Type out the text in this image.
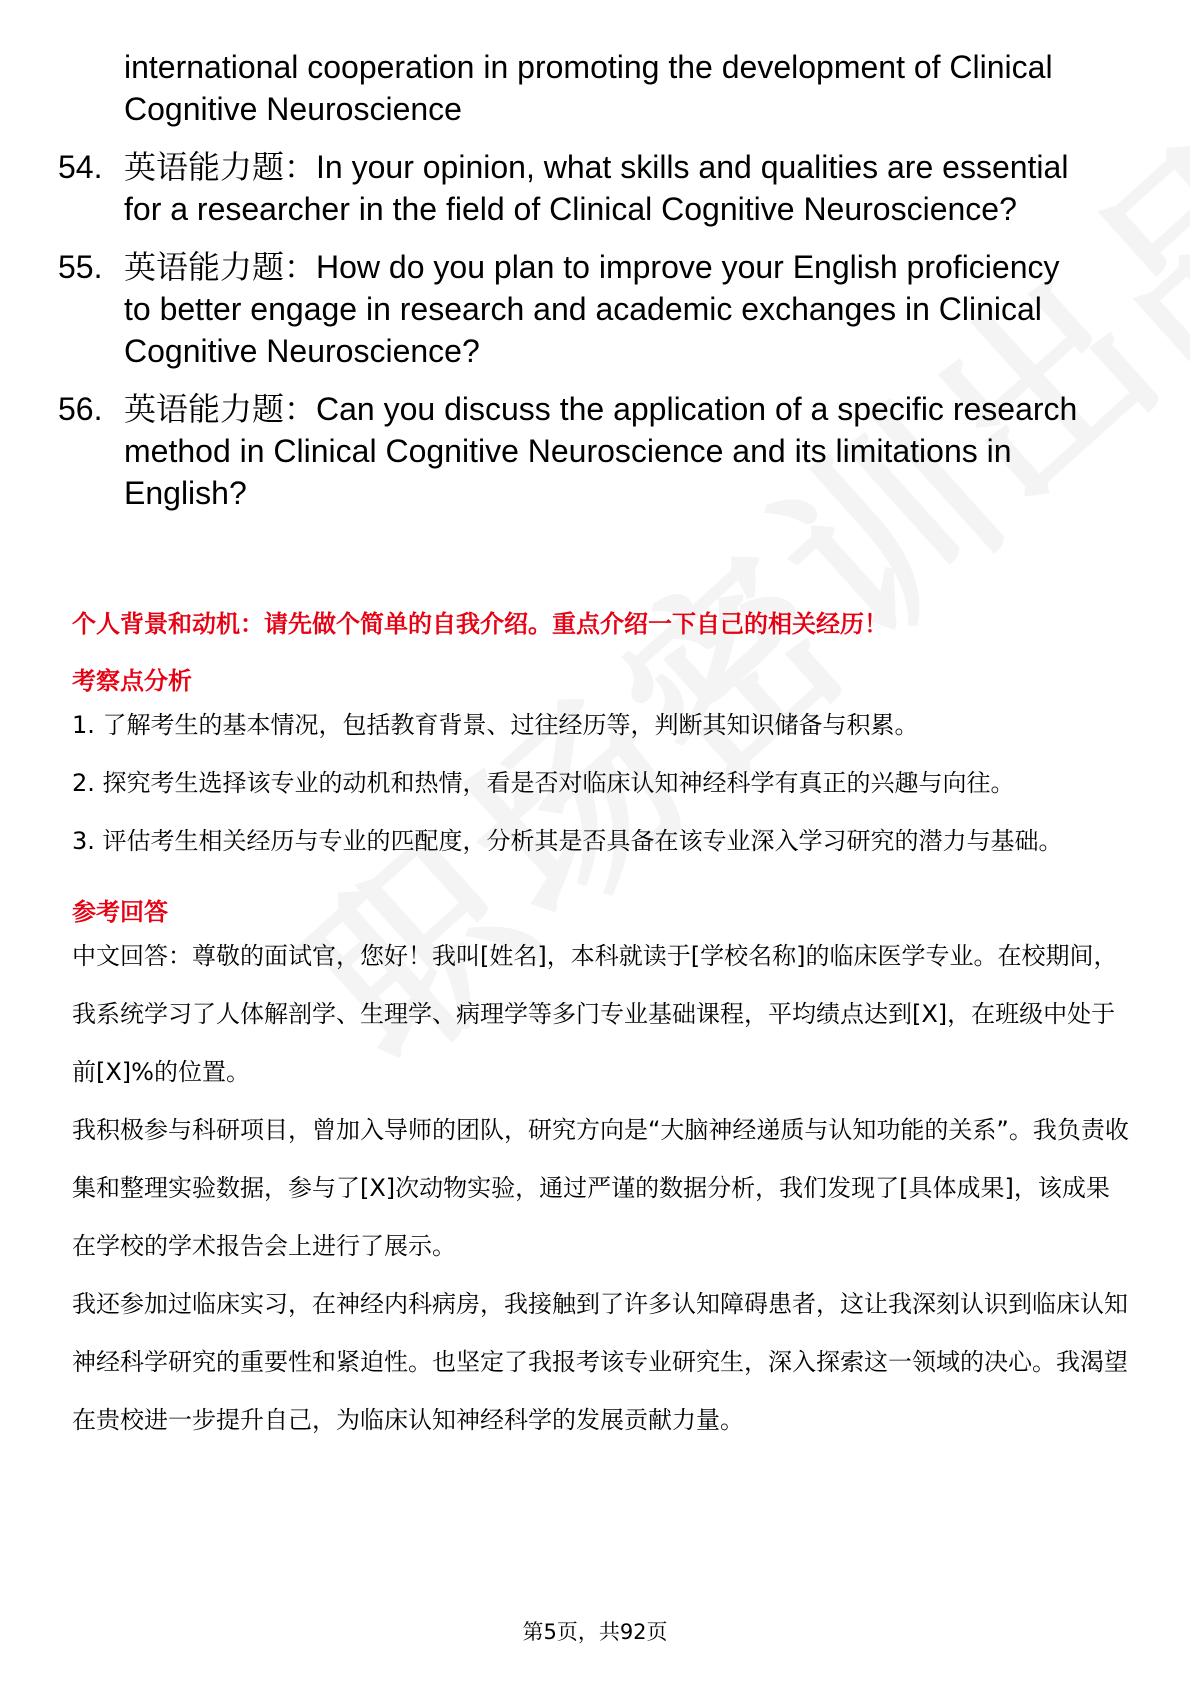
international cooperation in promoting the development of Clinical Cognitive Neuroscience
54. 英语能力题：In your opinion, what skills and qualities are essential for a researcher in the field of Clinical Cognitive Neuroscience?
55. 英语能力题：How do you plan to improve your English proficiency to better engage in research and academic exchanges in Clinical Cognitive Neuroscience?
56. 英语能力题：Can you discuss the application of a specific research method in Clinical Cognitive Neuroscience and its limitations in English?
个人背景和动机：请先做个简单的自我介绍。重点介绍一下自己的相关经历！
考察点分析

1. 了解考生的基本情况，包括教育背景、过往经历等，判断其知识储备与积累。

2. 探究考生选择该专业的动机和热情，看是否对临床认知神经科学有真正的兴趣与向往。

3. 评估考生相关经历与专业的匹配度，分析其是否具备在该专业深入学习研究的潜力与基础。

参考回答

中文回答：尊敬的面试官，您好！我叫[姓名]，本科就读于[学校名称]的临床医学专业。在校期间，我系统学习了人体解剖学、生理学、病理学等多门专业基础课程，平均绩点达到[X]，在班级中处于前[X]%的位置。

我积极参与科研项目，曾加入导师的团队，研究方向是“大脑神经递质与认知功能的关系”。我负责收集和整理实验数据，参与了[X]次动物实验，通过严谨的数据分析，我们发现了[具体成果]，该成果在学校的学术报告会上进行了展示。

我还参加过临床实习，在神经内科病房，我接触到了许多认知障碍患者，这让我深刻认识到临床认知神经科学研究的重要性和紧迫性。也坚定了我报考该专业研究生，深入探索这一领域的决心。我渴望在贵校进一步提升自己，为临床认知神经科学的发展贡献力量。

第5页，共92页
